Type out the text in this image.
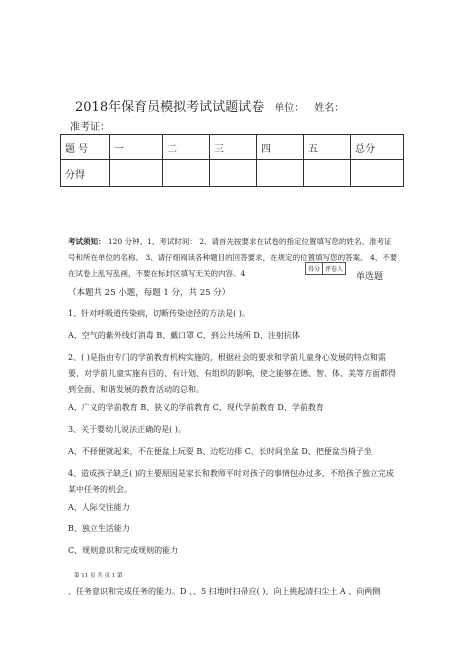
2018年保育员模拟考试试题试卷 单位： 姓名：
准考证：
题 号	一	二	三	四	五	总分
分得						
考试须知： 120 分钟。1、考试时间： 2、请首先按要求在试卷的指定位置填写您的姓名、准考证号和所在单位的名称。 3、请仔细阅读各种题目的回答要求，在规定的位置填写您的答案。 4、不要在试卷上乱写乱画，不要在标封区填写无关的内容。4	得分 评卷人
单选题
（本题共 25 小题，每题 1 分，共 25 分）
1、针对呼吸道传染病，切断传染途径的方法是( )。
A、空气的紫外线灯消毒 B、戴口罩 C、到公共场所 D、注射抗体
2、( )是指由专门的学前教育机构实施的，根据社会的要求和学前儿童身心发展的特点和需要，对学前儿童实施有目的、有计划、有组织的影响，使之能够在德、智、体、美等方面都得到全面、和谐发展的教育活动的总和。
A、广义的学前教育 B、狭义的学前教育 C、现代学前教育 D、学前教育
3、关于婴幼儿说法正确的是( )。
A、不择便就起来，不在便盆上玩耍 B、边吃边排 C、长时间坐盆 D、把便盆当椅子坐
4、造成孩子缺乏( )的主要原因是家长和教师平时对孩子的事情包办过多，不给孩子独立完成某中任务的机会。
A、人际交往能力
B、独立生活能力
C、规则意识和完成规则的能力
第 11 页 共 页 1 第
、任务意识和完成任务的能力。D 、、5 扫地时扫帚应( )、向上挑起清扫尘土 A 、向两侧
